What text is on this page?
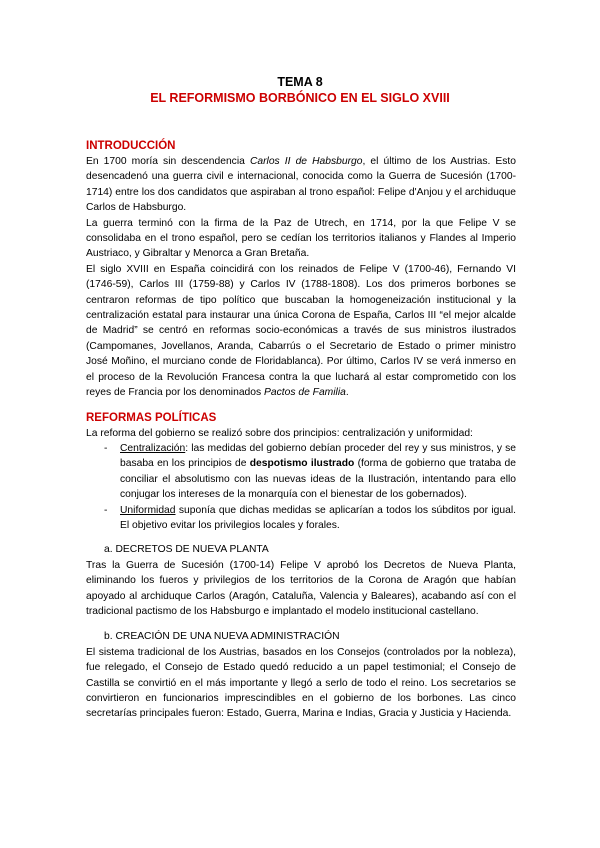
TEMA 8
EL REFORMISMO BORBÓNICO EN EL SIGLO XVIII
INTRODUCCIÓN

En 1700 moría sin descendencia Carlos II de Habsburgo, el último de los Austrias. Esto desencadenó una guerra civil e internacional, conocida como la Guerra de Sucesión (1700-1714) entre los dos candidatos que aspiraban al trono español: Felipe d'Anjou y el archiduque Carlos de Habsburgo.

La guerra terminó con la firma de la Paz de Utrech, en 1714, por la que Felipe V se consolidaba en el trono español, pero se cedían los territorios italianos y Flandes al Imperio Austriaco, y Gibraltar y Menorca a Gran Bretaña.

El siglo XVIII en España coincidirá con los reinados de Felipe V (1700-46), Fernando VI (1746-59), Carlos III (1759-88) y Carlos IV (1788-1808). Los dos primeros borbones se centraron reformas de tipo político que buscaban la homogeneización institucional y la centralización estatal para instaurar una única Corona de España, Carlos III “el mejor alcalde de Madrid” se centró en reformas socio-económicas a través de sus ministros ilustrados (Campomanes, Jovellanos, Aranda, Cabarrús o el Secretario de Estado o primer ministro José Moñino, el murciano conde de Floridablanca). Por último, Carlos IV se verá inmerso en el proceso de la Revolución Francesa contra la que luchará al estar comprometido con los reyes de Francia por los denominados Pactos de Familia.

REFORMAS POLÍTICAS

La reforma del gobierno se realizó sobre dos principios: centralización y uniformidad:

- Centralización: las medidas del gobierno debían proceder del rey y sus ministros, y se basaba en los principios de despotismo ilustrado (forma de gobierno que trataba de conciliar el absolutismo con las nuevas ideas de la Ilustración, intentando para ello conjugar los intereses de la monarquía con el bienestar de los gobernados).
- Uniformidad suponía que dichas medidas se aplicarían a todos los súbditos por igual. El objetivo evitar los privilegios locales y forales.
a. DECRETOS DE NUEVA PLANTA

Tras la Guerra de Sucesión (1700-14) Felipe V aprobó los Decretos de Nueva Planta, eliminando los fueros y privilegios de los territorios de la Corona de Aragón que habían apoyado al archiduque Carlos (Aragón, Cataluña, Valencia y Baleares), acabando así con el tradicional pactismo de los Habsburgo e implantado el modelo institucional castellano.

b. CREACIÓN DE UNA NUEVA ADMINISTRACIÓN

El sistema tradicional de los Austrias, basados en los Consejos (controlados por la nobleza), fue relegado, el Consejo de Estado quedó reducido a un papel testimonial; el Consejo de Castilla se convirtió en el más importante y llegó a serlo de todo el reino. Los secretarios se convirtieron en funcionarios imprescindibles en el gobierno de los borbones. Las cinco secretarías principales fueron: Estado, Guerra, Marina e Indias, Gracia y Justicia y Hacienda.
